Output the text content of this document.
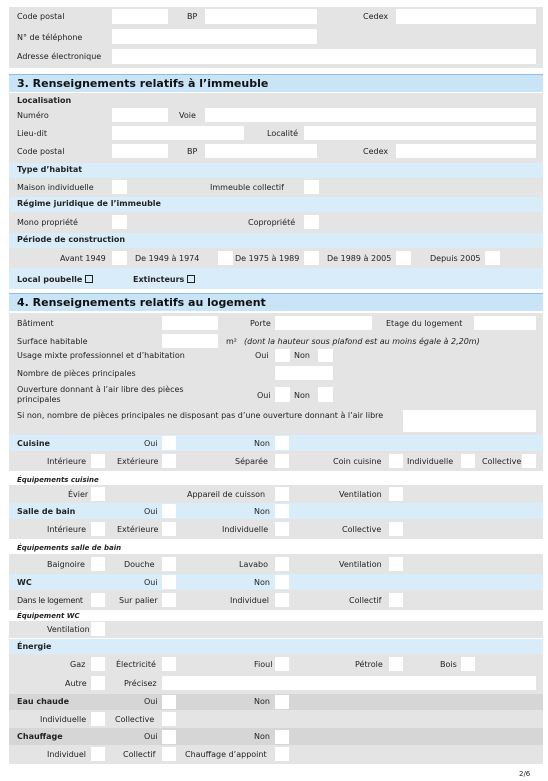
Code postal	BP	Cedex
N° de téléphone
Adresse électronique
3. Renseignements relatifs à l’immeuble
Localisation
Numéro	Voie
Lieu-dit	Localité
Code postal	BP	Cedex
Type d’habitat
Maison individuelle	Immeuble collectif
Régime juridique de l’immeuble
Mono propriété	Copropriété
Période de construction
Avant 1949	De 1949 à 1974	De 1975 à 1989	De 1989 à 2005	Depuis 2005
Local poubelle	Extincteurs
4. Renseignements relatifs au logement
Bâtiment	Porte	Etage du logement
Surface habitable	m² (dont la hauteur sous plafond est au moins égale à 2,20m)
Usage mixte professionnel et d’habitation	Oui	Non
Nombre de pièces principales
Ouverture donnant à l’air libre des pièces principales	Oui	Non
Si non, nombre de pièces principales ne disposant pas d’une ouverture donnant à l’air libre
Cuisine	Oui	Non
Intérieure	Extérieure	Séparée	Coin cuisine	Individuelle	Collective
Équipements cuisine
Évier	Appareil de cuisson	Ventilation
Salle de bain	Oui	Non
Intérieure	Extérieure	Individuelle	Collective
Équipements salle de bain
Baignoire	Douche	Lavabo	Ventilation
WC	Oui	Non
Dans le logement	Sur palier	Individuel	Collectif
Équipement WC
Ventilation
Énergie
Gaz	Électricité	Fioul	Pétrole	Bois
Autre	Précisez
Eau chaude	Oui	Non
Individuelle	Collective
Chauffage	Oui	Non
Individuel	Collectif	Chauffage d’appoint
2/6
